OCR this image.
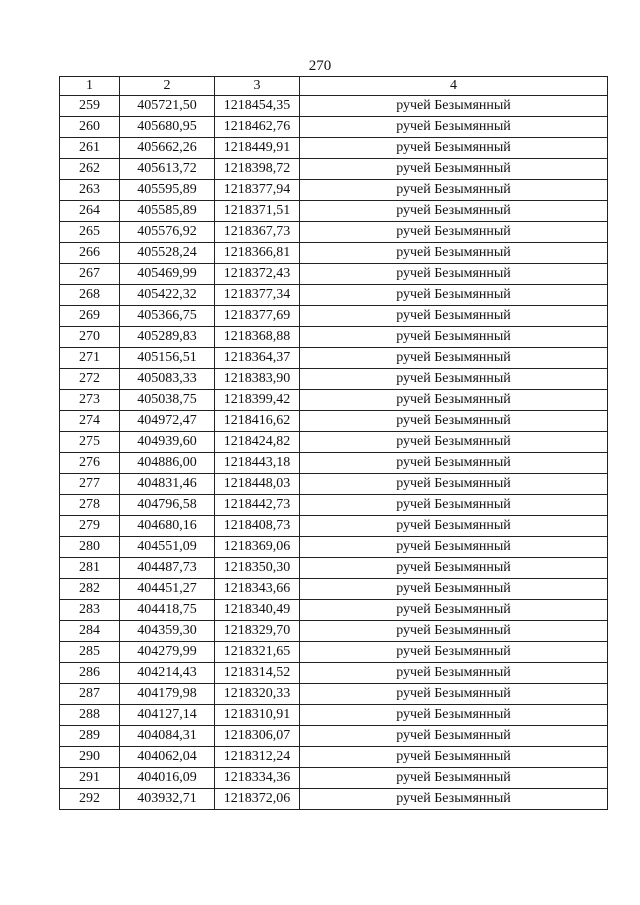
270
1	2	3	4
259	405721,50	1218454,35	ручей Безымянный
260	405680,95	1218462,76	ручей Безымянный
261	405662,26	1218449,91	ручей Безымянный
262	405613,72	1218398,72	ручей Безымянный
263	405595,89	1218377,94	ручей Безымянный
264	405585,89	1218371,51	ручей Безымянный
265	405576,92	1218367,73	ручей Безымянный
266	405528,24	1218366,81	ручей Безымянный
267	405469,99	1218372,43	ручей Безымянный
268	405422,32	1218377,34	ручей Безымянный
269	405366,75	1218377,69	ручей Безымянный
270	405289,83	1218368,88	ручей Безымянный
271	405156,51	1218364,37	ручей Безымянный
272	405083,33	1218383,90	ручей Безымянный
273	405038,75	1218399,42	ручей Безымянный
274	404972,47	1218416,62	ручей Безымянный
275	404939,60	1218424,82	ручей Безымянный
276	404886,00	1218443,18	ручей Безымянный
277	404831,46	1218448,03	ручей Безымянный
278	404796,58	1218442,73	ручей Безымянный
279	404680,16	1218408,73	ручей Безымянный
280	404551,09	1218369,06	ручей Безымянный
281	404487,73	1218350,30	ручей Безымянный
282	404451,27	1218343,66	ручей Безымянный
283	404418,75	1218340,49	ручей Безымянный
284	404359,30	1218329,70	ручей Безымянный
285	404279,99	1218321,65	ручей Безымянный
286	404214,43	1218314,52	ручей Безымянный
287	404179,98	1218320,33	ручей Безымянный
288	404127,14	1218310,91	ручей Безымянный
289	404084,31	1218306,07	ручей Безымянный
290	404062,04	1218312,24	ручей Безымянный
291	404016,09	1218334,36	ручей Безымянный
292	403932,71	1218372,06	ручей Безымянный
